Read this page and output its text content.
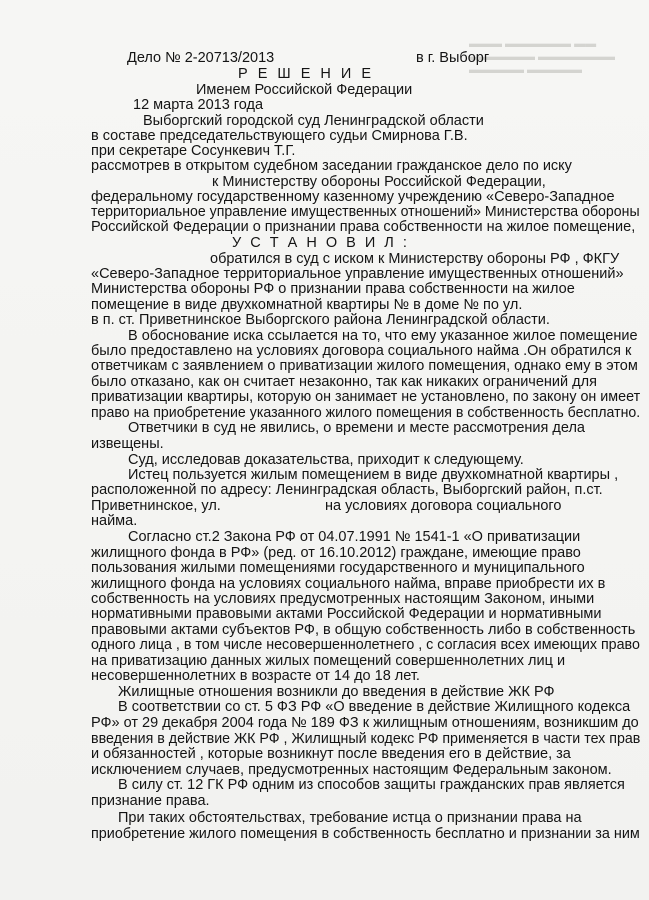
▬▬▬ ▬▬▬▬▬▬ ▬▬
▬▬▬▬▬▬ ▬▬▬▬▬▬▬
▬▬▬▬▬ ▬▬▬▬▬
Дело № 2-20713/2013	в г. Выборг
Р Е Ш Е Н И Е
Именем Российской Федерации
12 марта 2013 года
Выборгский городской суд Ленинградской области
в составе председательствующего судьи Смирнова Г.В.
при секретаре Сосункевич Т.Г.
рассмотрев в открытом судебном заседании гражданское дело по иску
к Министерству обороны Российской Федерации,
федеральному государственному казенному учреждению «Северо-Западное
территориальное управление имущественных отношений» Министерства обороны
Российской Федерации о признании права собственности на жилое помещение,
У С Т А Н О В И Л :
обратился в суд с иском к Министерству обороны РФ , ФКГУ
«Северо-Западное территориальное управление имущественных отношений»
Министерства обороны РФ о признании права собственности на жилое
помещение в виде двухкомнатной квартиры № в доме № по ул.
в п. ст. Приветнинское Выборгского района Ленинградской области.
В обоснование иска ссылается на то, что ему указанное жилое помещение
было предоставлено на условиях договора социального найма .Он обратился к
ответчикам с заявлением о приватизации жилого помещения, однако ему в этом
было отказано, как он считает незаконно, так как никаких ограничений для
приватизации квартиры, которую он занимает не установлено, по закону он имеет
право на приобретение указанного жилого помещения в собственность бесплатно.
Ответчики в суд не явились, о времени и месте рассмотрения дела
извещены.
Суд, исследовав доказательства, приходит к следующему.
Истец пользуется жилым помещением в виде двухкомнатной квартиры ,
расположенной по адресу: Ленинградская область, Выборгский район, п.ст.
Приветнинское, ул.	на условиях договора социального
найма.
Согласно ст.2 Закона РФ от 04.07.1991 № 1541-1 «О приватизации
жилищного фонда в РФ» (ред. от 16.10.2012) граждане, имеющие право
пользования жилыми помещениями государственного и муниципального
жилищного фонда на условиях социального найма, вправе приобрести их в
собственность на условиях предусмотренных настоящим Законом, иными
нормативными правовыми актами Российской Федерации и нормативными
правовыми актами субъектов РФ, в общую собственность либо в собственность
одного лица , в том числе несовершеннолетнего , с согласия всех имеющих право
на приватизацию данных жилых помещений совершеннолетних лиц и
несовершеннолетних в возрасте от 14 до 18 лет.
Жилищные отношения возникли до введения в действие ЖК РФ
В соответствии со ст. 5 ФЗ РФ «О введение в действие Жилищного кодекса
РФ» от 29 декабря 2004 года № 189 ФЗ к жилищным отношениям, возникшим до
введения в действие ЖК РФ , Жилищный кодекс РФ применяется в части тех прав
и обязанностей , которые возникнут после введения его в действие, за
исключением случаев, предусмотренных настоящим Федеральным законом.
В силу ст. 12 ГК РФ одним из способов защиты гражданских прав является
признание права.
При таких обстоятельствах, требование истца о признании права на
приобретение жилого помещения в собственность бесплатно и признании за ним
